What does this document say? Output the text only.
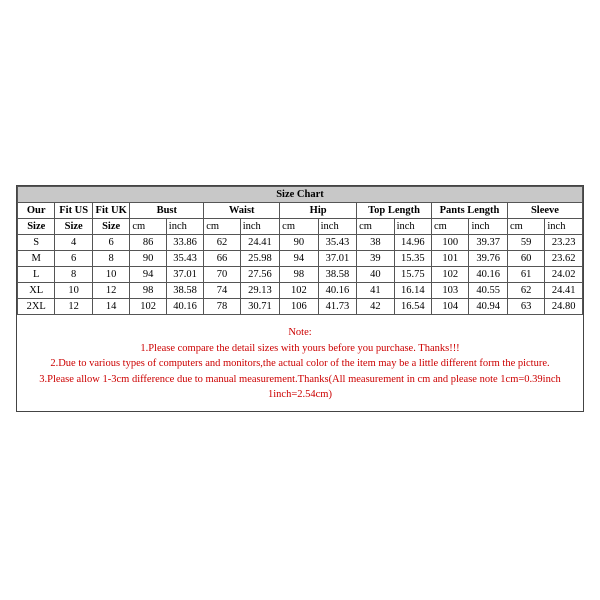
Size Chart														
Our	Fit US	Fit UK	Bust		Waist		Hip		Top Length		Pants Length		Sleeve	
Size	Size	Size	cm	inch	cm	inch	cm	inch	cm	inch	cm	inch	cm	inch
S	4	6	86	33.86	62	24.41	90	35.43	38	14.96	100	39.37	59	23.23
M	6	8	90	35.43	66	25.98	94	37.01	39	15.35	101	39.76	60	23.62
L	8	10	94	37.01	70	27.56	98	38.58	40	15.75	102	40.16	61	24.02
XL	10	12	98	38.58	74	29.13	102	40.16	41	16.14	103	40.55	62	24.41
2XL	12	14	102	40.16	78	30.71	106	41.73	42	16.54	104	40.94	63	24.80
Note:
1.Please compare the detail sizes with yours before you purchase. Thanks!!!
2.Due to various types of computers and monitors,the actual color of the item may be a little different form the picture.
3.Please allow 1-3cm difference due to manual measurement.Thanks(All measurement in cm and please note 1cm=0.39inch
1inch=2.54cm)
